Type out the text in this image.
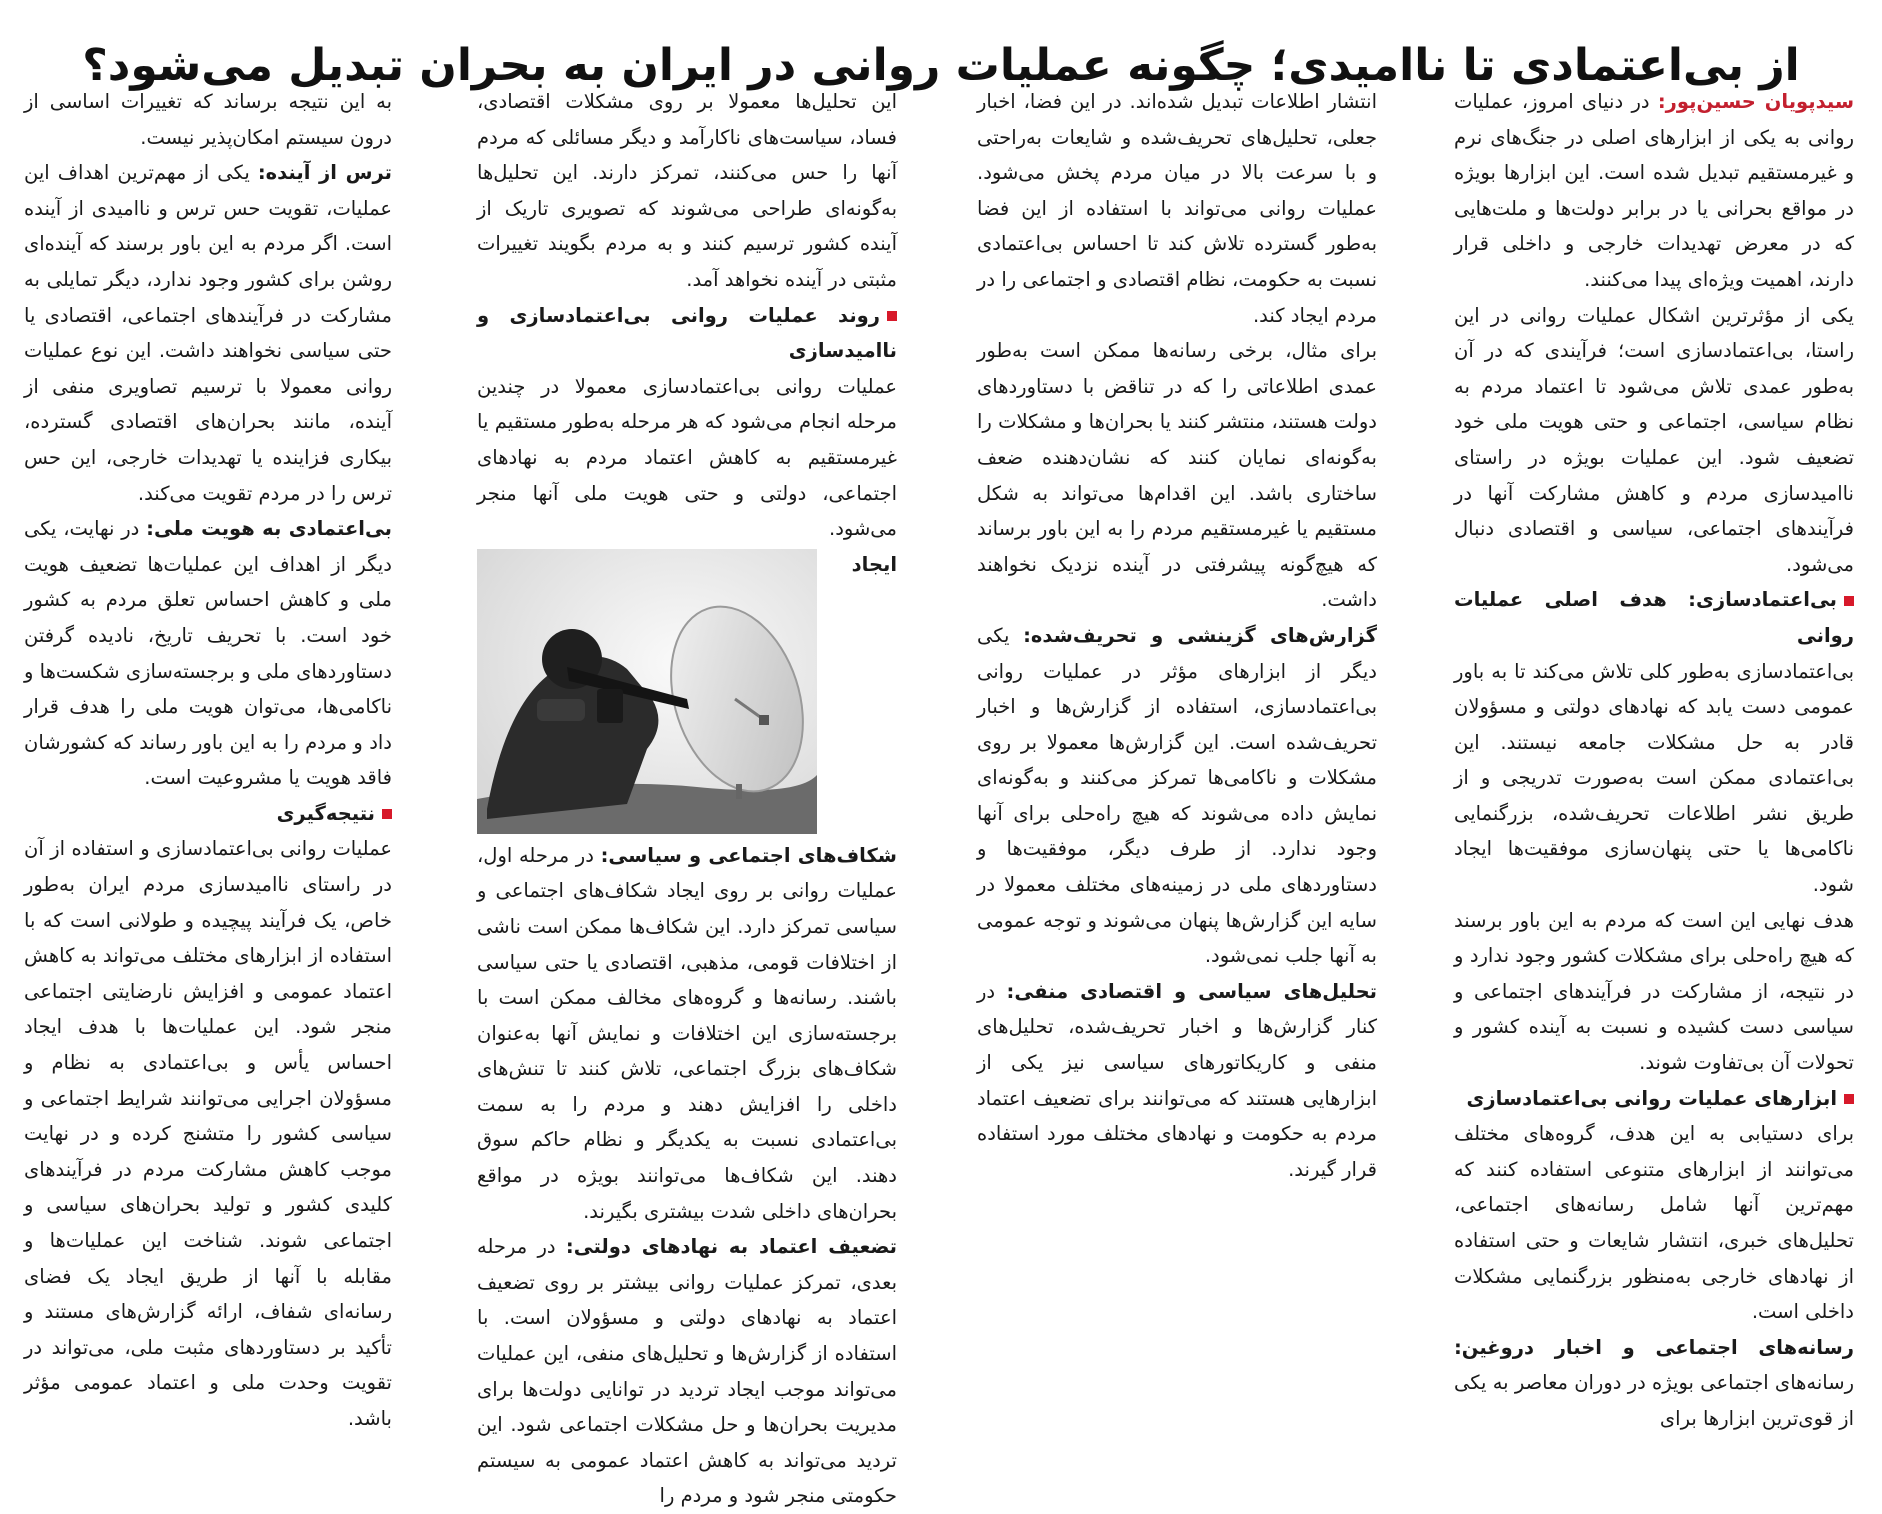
از بی‌اعتمادی تا ناامیدی؛ چگونه عملیات روانی در ایران به بحران تبدیل می‌شود؟

سیدپویان حسین‌پور: در دنیای امروز، عملیات روانی به یکی از ابزارهای اصلی در جنگ‌های نرم و غیرمستقیم تبدیل شده است. این ابزارها بویژه در مواقع بحرانی یا در برابر دولت‌ها و ملت‌هایی که در معرض تهدیدات خارجی و داخلی قرار دارند، اهمیت ویژه‌ای پیدا می‌کنند.

یکی از مؤثرترین اشکال عملیات روانی در این راستا، بی‌اعتمادسازی است؛ فرآیندی که در آن به‌طور عمدی تلاش می‌شود تا اعتماد مردم به نظام سیاسی، اجتماعی و حتی هویت ملی خود تضعیف شود. این عملیات بویژه در راستای ناامیدسازی مردم و کاهش مشارکت آنها در فرآیندهای اجتماعی، سیاسی و اقتصادی دنبال می‌شود.

بی‌اعتمادسازی: هدف اصلی عملیات روانی

بی‌اعتمادسازی به‌طور کلی تلاش می‌کند تا به باور عمومی دست یابد که نهادهای دولتی و مسؤولان قادر به حل مشکلات جامعه نیستند. این بی‌اعتمادی ممکن است به‌صورت تدریجی و از طریق نشر اطلاعات تحریف‌شده، بزرگنمایی ناکامی‌ها یا حتی پنهان‌سازی موفقیت‌ها ایجاد شود.

هدف نهایی این است که مردم به این باور برسند که هیچ راه‌حلی برای مشکلات کشور وجود ندارد و در نتیجه، از مشارکت در فرآیندهای اجتماعی و سیاسی دست کشیده و نسبت به آینده کشور و تحولات آن بی‌تفاوت شوند.

ابزارهای عملیات روانی بی‌اعتمادسازی

برای دستیابی به این هدف، گروه‌های مختلف می‌توانند از ابزارهای متنوعی استفاده کنند که مهم‌ترین آنها شامل رسانه‌های اجتماعی، تحلیل‌های خبری، انتشار شایعات و حتی استفاده از نهادهای خارجی به‌منظور بزرگنمایی مشکلات داخلی است.

رسانه‌های اجتماعی و اخبار دروغین: رسانه‌های اجتماعی بویژه در دوران معاصر به یکی از قوی‌ترین ابزارها برای

انتشار اطلاعات تبدیل شده‌اند. در این فضا، اخبار جعلی، تحلیل‌های تحریف‌شده و شایعات به‌راحتی و با سرعت بالا در میان مردم پخش می‌شود. عملیات روانی می‌تواند با استفاده از این فضا به‌طور گسترده تلاش کند تا احساس بی‌اعتمادی نسبت به حکومت، نظام اقتصادی و اجتماعی را در مردم ایجاد کند.

برای مثال، برخی رسانه‌ها ممکن است به‌طور عمدی اطلاعاتی را که در تناقض با دستاوردهای دولت هستند، منتشر کنند یا بحران‌ها و مشکلات را به‌گونه‌ای نمایان کنند که نشان‌دهنده ضعف ساختاری باشد. این اقدام‌ها می‌تواند به شکل مستقیم یا غیرمستقیم مردم را به این باور برساند که هیچ‌گونه پیشرفتی در آینده نزدیک نخواهند داشت.

گزارش‌های گزینشی و تحریف‌شده: یکی دیگر از ابزارهای مؤثر در عملیات روانی بی‌اعتمادسازی، استفاده از گزارش‌ها و اخبار تحریف‌شده است. این گزارش‌ها معمولا بر روی مشکلات و ناکامی‌ها تمرکز می‌کنند و به‌گونه‌ای نمایش داده می‌شوند که هیچ راه‌حلی برای آنها وجود ندارد. از طرف دیگر، موفقیت‌ها و دستاوردهای ملی در زمینه‌های مختلف معمولا در سایه این گزارش‌ها پنهان می‌شوند و توجه عمومی به آنها جلب نمی‌شود.

تحلیل‌های سیاسی و اقتصادی منفی: در کنار گزارش‌ها و اخبار تحریف‌شده، تحلیل‌های منفی و کاریکاتورهای سیاسی نیز یکی از ابزارهایی هستند که می‌توانند برای تضعیف اعتماد مردم به حکومت و نهادهای مختلف مورد استفاده قرار گیرند.

این تحلیل‌ها معمولا بر روی مشکلات اقتصادی، فساد، سیاست‌های ناکارآمد و دیگر مسائلی که مردم آنها را حس می‌کنند، تمرکز دارند. این تحلیل‌ها به‌گونه‌ای طراحی می‌شوند که تصویری تاریک از آینده کشور ترسیم کنند و به مردم بگویند تغییرات مثبتی در آینده نخواهد آمد.

روند عملیات روانی بی‌اعتمادسازی و ناامیدسازی

عملیات روانی بی‌اعتمادسازی معمولا در چندین مرحله انجام می‌شود که هر مرحله به‌طور مستقیم یا غیرمستقیم به کاهش اعتماد مردم به نهادهای اجتماعی، دولتی و حتی هویت ملی آنها منجر می‌شود.

ایجاد شکاف‌های اجتماعی و سیاسی: در مرحله اول، عملیات روانی بر روی ایجاد شکاف‌های اجتماعی و سیاسی تمرکز دارد. این شکاف‌ها ممکن است ناشی از اختلافات قومی، مذهبی، اقتصادی یا حتی سیاسی باشند. رسانه‌ها و گروه‌های مخالف ممکن است با برجسته‌سازی این اختلافات و نمایش آنها به‌عنوان شکاف‌های بزرگ اجتماعی، تلاش کنند تا تنش‌های داخلی را افزایش دهند و مردم را به سمت بی‌اعتمادی نسبت به یکدیگر و نظام حاکم سوق دهند. این شکاف‌ها می‌توانند بویژه در مواقع بحران‌های داخلی شدت بیشتری بگیرند.

تضعیف اعتماد به نهادهای دولتی: در مرحله بعدی، تمرکز عملیات روانی بیشتر بر روی تضعیف اعتماد به نهادهای دولتی و مسؤولان است. با استفاده از گزارش‌ها و تحلیل‌های منفی، این عملیات می‌تواند موجب ایجاد تردید در توانایی دولت‌ها برای مدیریت بحران‌ها و حل مشکلات اجتماعی شود. این تردید می‌تواند به کاهش اعتماد عمومی به سیستم حکومتی منجر شود و مردم را

به این نتیجه برساند که تغییرات اساسی از درون سیستم امکان‌پذیر نیست.

ترس از آینده: یکی از مهم‌ترین اهداف این عملیات، تقویت حس ترس و ناامیدی از آینده است. اگر مردم به این باور برسند که آینده‌ای روشن برای کشور وجود ندارد، دیگر تمایلی به مشارکت در فرآیندهای اجتماعی، اقتصادی یا حتی سیاسی نخواهند داشت. این نوع عملیات روانی معمولا با ترسیم تصاویری منفی از آینده، مانند بحران‌های اقتصادی گسترده، بیکاری فزاینده یا تهدیدات خارجی، این حس ترس را در مردم تقویت می‌کند.

بی‌اعتمادی به هویت ملی: در نهایت، یکی دیگر از اهداف این عملیات‌ها تضعیف هویت ملی و کاهش احساس تعلق مردم به کشور خود است. با تحریف تاریخ، نادیده گرفتن دستاوردهای ملی و برجسته‌سازی شکست‌ها و ناکامی‌ها، می‌توان هویت ملی را هدف قرار داد و مردم را به این باور رساند که کشورشان فاقد هویت یا مشروعیت است.

نتیجه‌گیری

عملیات روانی بی‌اعتمادسازی و استفاده از آن در راستای ناامیدسازی مردم ایران به‌طور خاص، یک فرآیند پیچیده و طولانی است که با استفاده از ابزارهای مختلف می‌تواند به کاهش اعتماد عمومی و افزایش نارضایتی اجتماعی منجر شود. این عملیات‌ها با هدف ایجاد احساس یأس و بی‌اعتمادی به نظام و مسؤولان اجرایی می‌توانند شرایط اجتماعی و سیاسی کشور را متشنج کرده و در نهایت موجب کاهش مشارکت مردم در فرآیندهای کلیدی کشور و تولید بحران‌های سیاسی و اجتماعی شوند. شناخت این عملیات‌ها و مقابله با آنها از طریق ایجاد یک فضای رسانه‌ای شفاف، ارائه گزارش‌های مستند و تأکید بر دستاوردهای مثبت ملی، می‌تواند در تقویت وحدت ملی و اعتماد عمومی مؤثر باشد.
